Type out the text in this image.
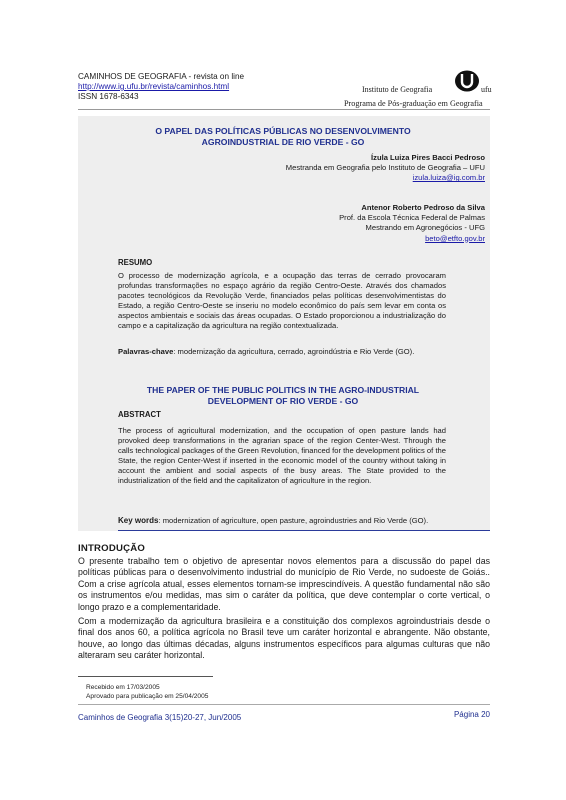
CAMINHOS DE GEOGRAFIA - revista on line
http://www.ig.ufu.br/revista/caminhos.html
ISSN 1678-6343
Instituto de Geografia	ufu
Programa de Pós-graduação em Geografia
O PAPEL DAS POLÍTICAS PÚBLICAS NO DESENVOLVIMENTO
AGROINDUSTRIAL DE RIO VERDE - GO
Ízula Luiza Pires Bacci Pedroso
Mestranda em Geografia pelo Instituto de Geografia – UFU
izula.luiza@ig.com.br
Antenor Roberto Pedroso da Silva
Prof. da Escola Técnica Federal de Palmas
Mestrando em Agronegócios - UFG
beto@etfto.gov.br
RESUMO
O processo de modernização agrícola, e a ocupação das terras de cerrado provocaram profundas transformações no espaço agrário da região Centro-Oeste. Através dos chamados pacotes tecnológicos da Revolução Verde, financiados pelas políticas desenvolvimentistas do Estado, a região Centro-Oeste se inseriu no modelo econômico do país sem levar em conta os aspectos ambientais e sociais das áreas ocupadas. O Estado proporcionou a industrialização do campo e a capitalização da agricultura na região contextualizada.
Palavras-chave: modernização da agricultura, cerrado, agroindústria e Rio Verde (GO).
THE PAPER OF THE PUBLIC POLITICS IN THE AGRO-INDUSTRIAL
DEVELOPMENT OF RIO VERDE - GO
ABSTRACT
The process of agricultural modernization, and the occupation of open pasture lands had provoked deep transformations in the agrarian space of the region Center-West. Through the calls technological packages of the Green Revolution, financed for the development politics of the State, the region Center-West if inserted in the economic model of the country without taking in account the ambient and social aspects of the busy areas. The State provided to the industrialization of the field and the capitalizaton of agriculture in the region.
Key words: modernization of agriculture, open pasture, agroindustries and Rio Verde (GO).
INTRODUÇÃO
O presente trabalho tem o objetivo de apresentar novos elementos para a discussão do papel das políticas públicas para o desenvolvimento industrial do município de Rio Verde, no sudoeste de Goiás.. Com a crise agrícola atual, esses elementos tornam-se imprescindíveis. A questão fundamental não são os instrumentos e/ou medidas, mas sim o caráter da política, que deve contemplar o corte vertical, o longo prazo e a complementaridade.
Com a modernização da agricultura brasileira e a constituição dos complexos agroindustriais desde o final dos anos 60, a política agrícola no Brasil teve um caráter horizontal e abrangente. Não obstante, houve, ao longo das últimas décadas, alguns instrumentos específicos para algumas culturas que não alteraram seu caráter horizontal.
Recebido em 17/03/2005
Aprovado para publicação em 25/04/2005
Caminhos de Geografia 3(15)20-27, Jun/2005	Página 20
